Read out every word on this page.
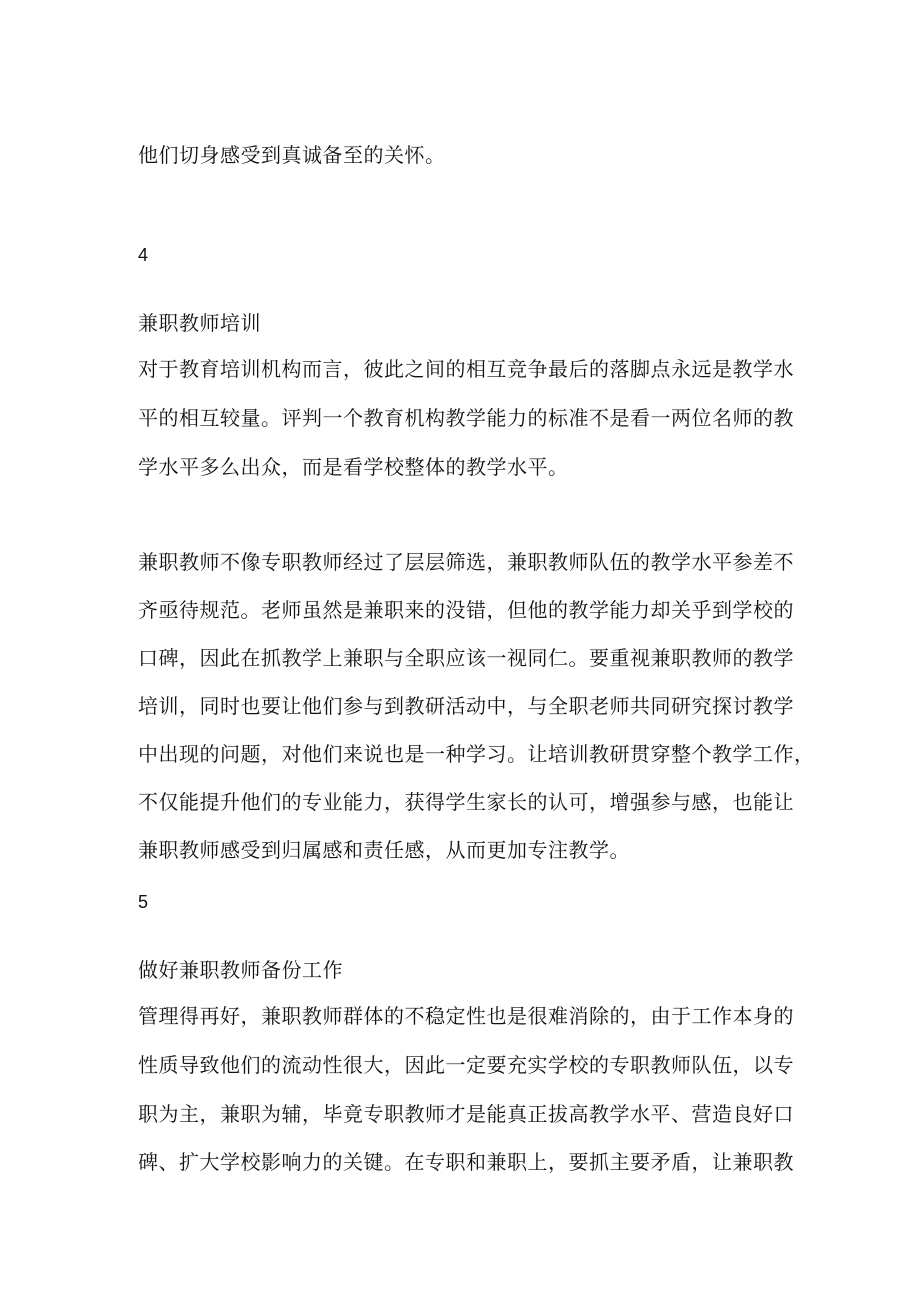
他们切身感受到真诚备至的关怀。
4
兼职教师培训
对于教育培训机构而言，彼此之间的相互竞争最后的落脚点永远是教学水
平的相互较量。评判一个教育机构教学能力的标准不是看一两位名师的教
学水平多么出众，而是看学校整体的教学水平。
兼职教师不像专职教师经过了层层筛选，兼职教师队伍的教学水平参差不
齐亟待规范。老师虽然是兼职来的没错，但他的教学能力却关乎到学校的
口碑，因此在抓教学上兼职与全职应该一视同仁。要重视兼职教师的教学
培训，同时也要让他们参与到教研活动中，与全职老师共同研究探讨教学
中出现的问题，对他们来说也是一种学习。让培训教研贯穿整个教学工作，
不仅能提升他们的专业能力，获得学生家长的认可，增强参与感，也能让
兼职教师感受到归属感和责任感，从而更加专注教学。
5
做好兼职教师备份工作
管理得再好，兼职教师群体的不稳定性也是很难消除的，由于工作本身的
性质导致他们的流动性很大，因此一定要充实学校的专职教师队伍，以专
职为主，兼职为辅，毕竟专职教师才是能真正拔高教学水平、营造良好口
碑、扩大学校影响力的关键。在专职和兼职上，要抓主要矛盾，让兼职教
